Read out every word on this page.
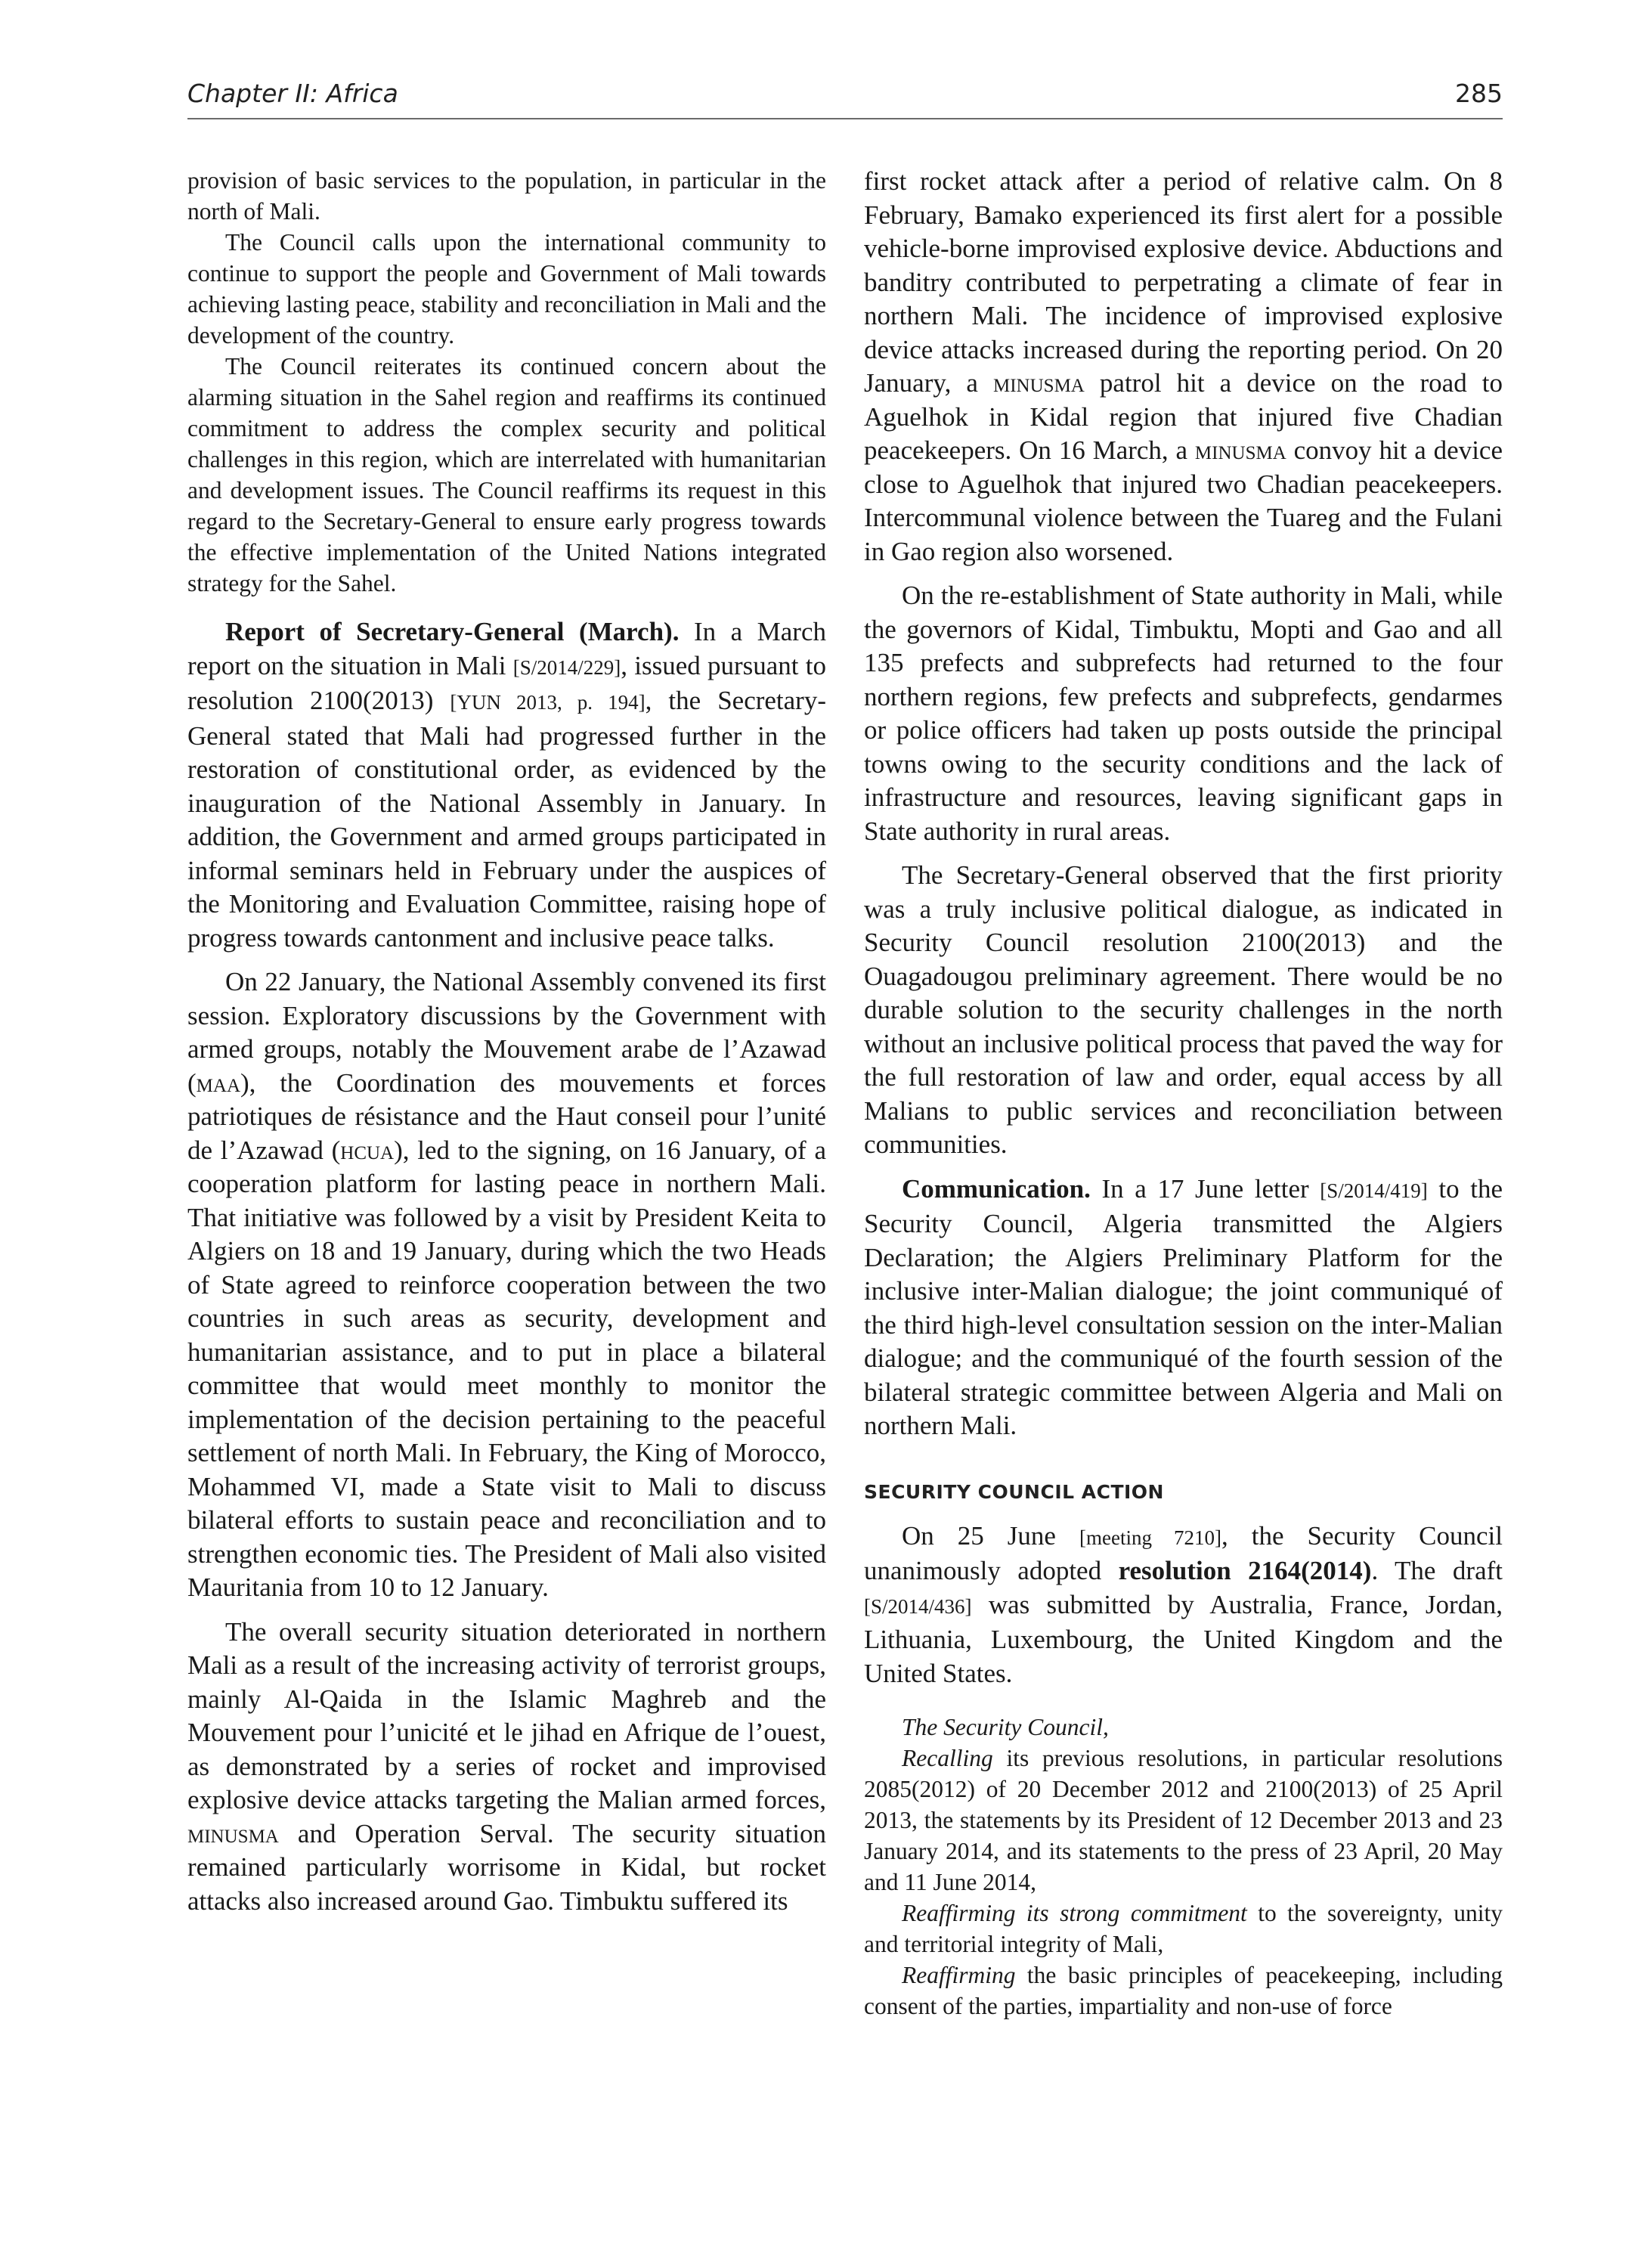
Chapter II: Africa	285

provision of basic services to the population, in particular in the north of Mali.

The Council calls upon the international community to continue to support the people and Government of Mali towards achieving lasting peace, stability and reconciliation in Mali and the development of the country.

The Council reiterates its continued concern about the alarming situation in the Sahel region and reaffirms its continued commitment to address the complex security and political challenges in this region, which are interrelated with humanitarian and development issues. The Council reaffirms its request in this regard to the Secretary-General to ensure early progress towards the effective implementation of the United Nations integrated strategy for the Sahel.

Report of Secretary-General (March). In a March report on the situation in Mali [S/2014/229], issued pursuant to resolution 2100(2013) [YUN 2013, p. 194], the Secretary-General stated that Mali had progressed further in the restoration of constitutional order, as evidenced by the inauguration of the National Assembly in January. In addition, the Government and armed groups participated in informal seminars held in February under the auspices of the Monitoring and Evaluation Committee, raising hope of progress towards cantonment and inclusive peace talks.

On 22 January, the National Assembly convened its first session. Exploratory discussions by the Government with armed groups, notably the Mouvement arabe de l’Azawad (maa), the Coordination des mouvements et forces patriotiques de résistance and the Haut conseil pour l’unité de l’Azawad (hcua), led to the signing, on 16 January, of a cooperation platform for lasting peace in northern Mali. That initiative was followed by a visit by President Keita to Algiers on 18 and 19 January, during which the two Heads of State agreed to reinforce cooperation between the two countries in such areas as security, development and humanitarian assistance, and to put in place a bilateral committee that would meet monthly to monitor the implementation of the decision pertaining to the peaceful settlement of north Mali. In February, the King of Morocco, Mohammed VI, made a State visit to Mali to discuss bilateral efforts to sustain peace and reconciliation and to strengthen economic ties. The President of Mali also visited Mauritania from 10 to 12 January.

The overall security situation deteriorated in northern Mali as a result of the increasing activity of terrorist groups, mainly Al-Qaida in the Islamic Maghreb and the Mouvement pour l’unicité et le jihad en Afrique de l’ouest, as demonstrated by a series of rocket and improvised explosive device attacks targeting the Malian armed forces, minusma and Operation Serval. The security situation remained particularly worrisome in Kidal, but rocket attacks also increased around Gao. Timbuktu suffered its

first rocket attack after a period of relative calm. On 8 February, Bamako experienced its first alert for a possible vehicle-borne improvised explosive device. Abductions and banditry contributed to perpetrating a climate of fear in northern Mali. The incidence of improvised explosive device attacks increased during the reporting period. On 20 January, a minusma patrol hit a device on the road to Aguelhok in Kidal region that injured five Chadian peacekeepers. On 16 March, a minusma convoy hit a device close to Aguelhok that injured two Chadian peacekeepers. Intercommunal violence between the Tuareg and the Fulani in Gao region also worsened.

On the re-establishment of State authority in Mali, while the governors of Kidal, Timbuktu, Mopti and Gao and all 135 prefects and subprefects had returned to the four northern regions, few prefects and subprefects, gendarmes or police officers had taken up posts outside the principal towns owing to the security conditions and the lack of infrastructure and resources, leaving significant gaps in State authority in rural areas.

The Secretary-General observed that the first priority was a truly inclusive political dialogue, as indicated in Security Council resolution 2100(2013) and the Ouagadougou preliminary agreement. There would be no durable solution to the security challenges in the north without an inclusive political process that paved the way for the full restoration of law and order, equal access by all Malians to public services and reconciliation between communities.

Communication. In a 17 June letter [S/2014/419] to the Security Council, Algeria transmitted the Algiers Declaration; the Algiers Preliminary Platform for the inclusive inter-Malian dialogue; the joint communiqué of the third high-level consultation session on the inter-Malian dialogue; and the communiqué of the fourth session of the bilateral strategic committee between Algeria and Mali on northern Mali.

SECURITY COUNCIL ACTION

On 25 June [meeting 7210], the Security Council unanimously adopted resolution 2164(2014). The draft [S/2014/436] was submitted by Australia, France, Jordan, Lithuania, Luxembourg, the United Kingdom and the United States.

The Security Council,

Recalling its previous resolutions, in particular resolutions 2085(2012) of 20 December 2012 and 2100(2013) of 25 April 2013, the statements by its President of 12 December 2013 and 23 January 2014, and its statements to the press of 23 April, 20 May and 11 June 2014,

Reaffirming its strong commitment to the sovereignty, unity and territorial integrity of Mali,

Reaffirming the basic principles of peacekeeping, including consent of the parties, impartiality and non-use of force
